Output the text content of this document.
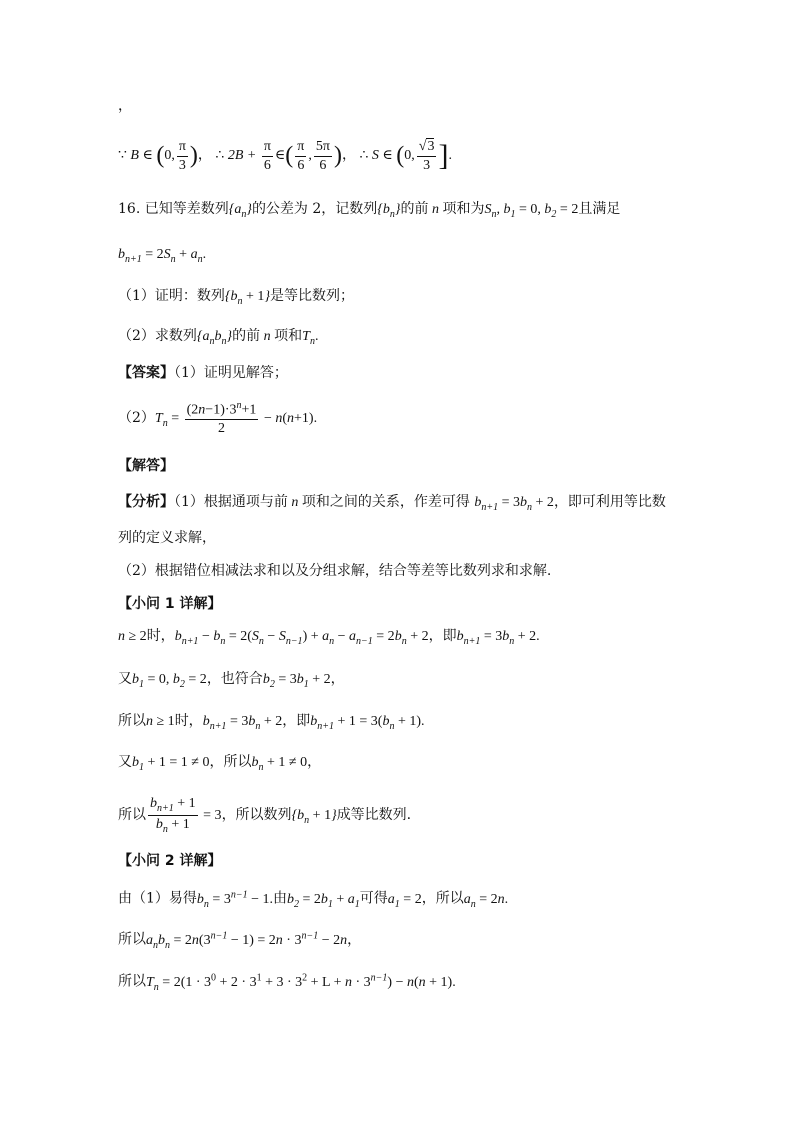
，
∵ B ∈ (0, $\frac{\pi}{3}$ )， ∴ $2B + \frac{\pi}{6}$ ∈( $\frac{\pi}{6}$ , $\frac{5\pi}{6}$ )， ∴ S ∈ (0, $\frac{√3}{3}$ ].
16. 已知等差数列$\{a_n\}$的公差为 2，记数列$\{b_n\}$的前 n 项和为$S_n$, $b_1 = 0$, $b_2 = 2$且满足
$b_{n+1} = 2S_n + a_n$.
（1）证明：数列$\{b_n + 1\}$是等比数列；
（2）求数列$\{a_nb_n\}$的前 n 项和$T_n$.
【答案】（1）证明见解答；
$(2)T_n = \frac{(2n-1)\cdot 3^n+1}{2} - n(n+1)$.
【解答】
【分析】（1）根据通项与前 n 项和之间的关系，作差可得 $b_{n+1} = 3b_n + 2$，即可利用等比数
列的定义求解，
（2）根据错位相减法求和以及分组求解，结合等差等比数列求和求解.
【小问 1 详解】
n ≥ 2时，$b_{n+1} - b_n = 2(S_n - S_{n-1}) + a_n - a_{n-1} = 2b_n + 2$，即$b_{n+1} = 3b_n + 2$.
又$b_1 = 0$, $b_2 = 2$，也符合$b_2 = 3b_1 + 2$，
所以n ≥ 1时，$b_{n+1} = 3b_n + 2$，即$b_{n+1} + 1 = 3(b_n + 1)$.
又$b_1 + 1 = 1 \ne 0$，所以$b_n + 1 \ne 0$，
所以 $\frac{b_{n+1} + 1}{b_n + 1} = 3$，所以数列$\{b_n + 1\}$成等比数列.
【小问 2 详解】
由（1）易得$b_n = 3^{n-1} - 1$.由$b_2 = 2b_1 + a_1$可得$a_1 = 2$，所以$a_n = 2n$.
所以$a_nb_n = 2n(3^{n-1} - 1) = 2n \cdot 3^{n-1} - 2n$，
所以$T_n = 2(1 \cdot 3^0 + 2 \cdot 3^1 + 3 \cdot 3^2 + L + n \cdot 3^{n-1}) - n(n + 1)$.
